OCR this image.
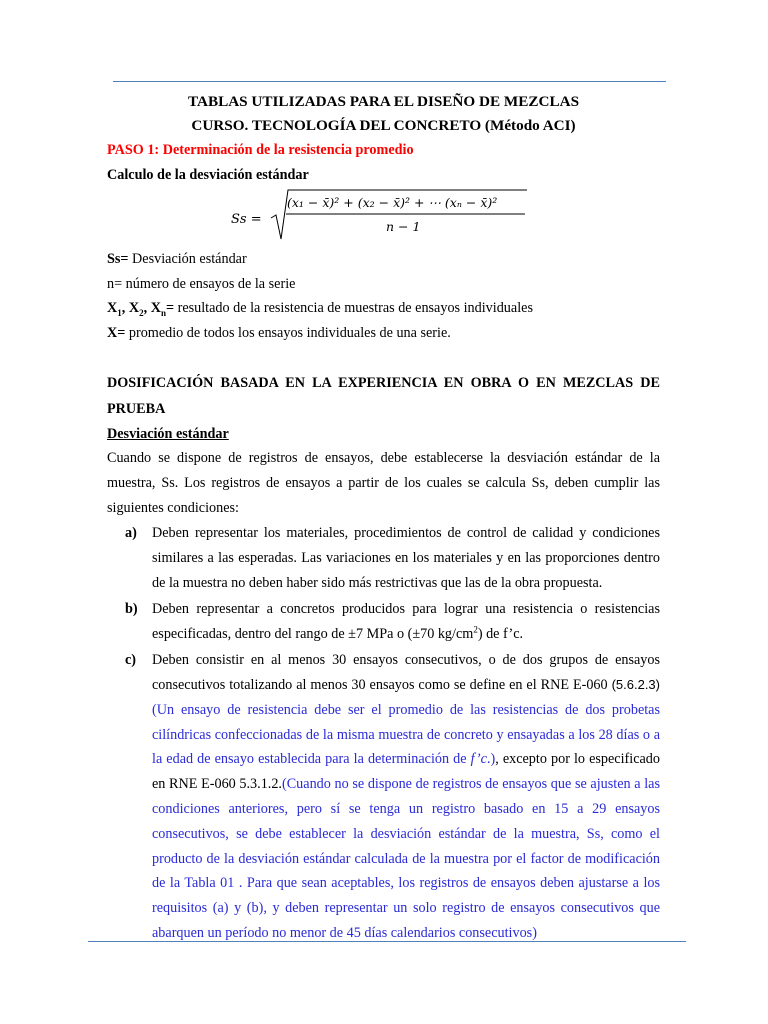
TABLAS UTILIZADAS PARA EL DISEÑO DE MEZCLAS

CURSO. TECNOLOGÍA DEL CONCRETO (Método ACI)

PASO 1: Determinación de la resistencia promedio

Calculo de la desviación estándar

Ss =
(x₁ − x̄)² + (x₂ − x̄)² + ⋯ (xₙ − x̄)²
n − 1

Ss= Desviación estándar

n= número de ensayos de la serie

$X_1$, $X_2$, $X_n=$ resultado de la resistencia de muestras de ensayos individuales

X= promedio de todos los ensayos individuales de una serie.

DOSIFICACIÓN BASADA EN LA EXPERIENCIA EN OBRA O EN MEZCLAS DE PRUEBA

Desviación estándar

Cuando se dispone de registros de ensayos, debe establecerse la desviación estándar de la muestra, Ss. Los registros de ensayos a partir de los cuales se calcula Ss, deben cumplir las siguientes condiciones:

a) Deben representar los materiales, procedimientos de control de calidad y condiciones similares a las esperadas. Las variaciones en los materiales y en las proporciones dentro de la muestra no deben haber sido más restrictivas que las de la obra propuesta.
b) Deben representar a concretos producidos para lograr una resistencia o resistencias especificadas, dentro del rango de ±7 MPa o (±70 $kg/cm^2$) de f’c.
c) Deben consistir en al menos 30 ensayos consecutivos, o de dos grupos de ensayos consecutivos totalizando al menos 30 ensayos como se define en el RNE E-060 (5.6.2.3) (Un ensayo de resistencia debe ser el promedio de las resistencias de dos probetas cilíndricas confeccionadas de la misma muestra de concreto y ensayadas a los 28 días o a la edad de ensayo establecida para la determinación de f’c.), excepto por lo especificado en RNE E-060 5.3.1.2.(Cuando no se dispone de registros de ensayos que se ajusten a las condiciones anteriores, pero sí se tenga un registro basado en 15 a 29 ensayos consecutivos, se debe establecer la desviación estándar de la muestra, Ss, como el producto de la desviación estándar calculada de la muestra por el factor de modificación de la Tabla 01 . Para que sean aceptables, los registros de ensayos deben ajustarse a los requisitos (a) y (b), y deben representar un solo registro de ensayos consecutivos que abarquen un período no menor de 45 días calendarios consecutivos)
